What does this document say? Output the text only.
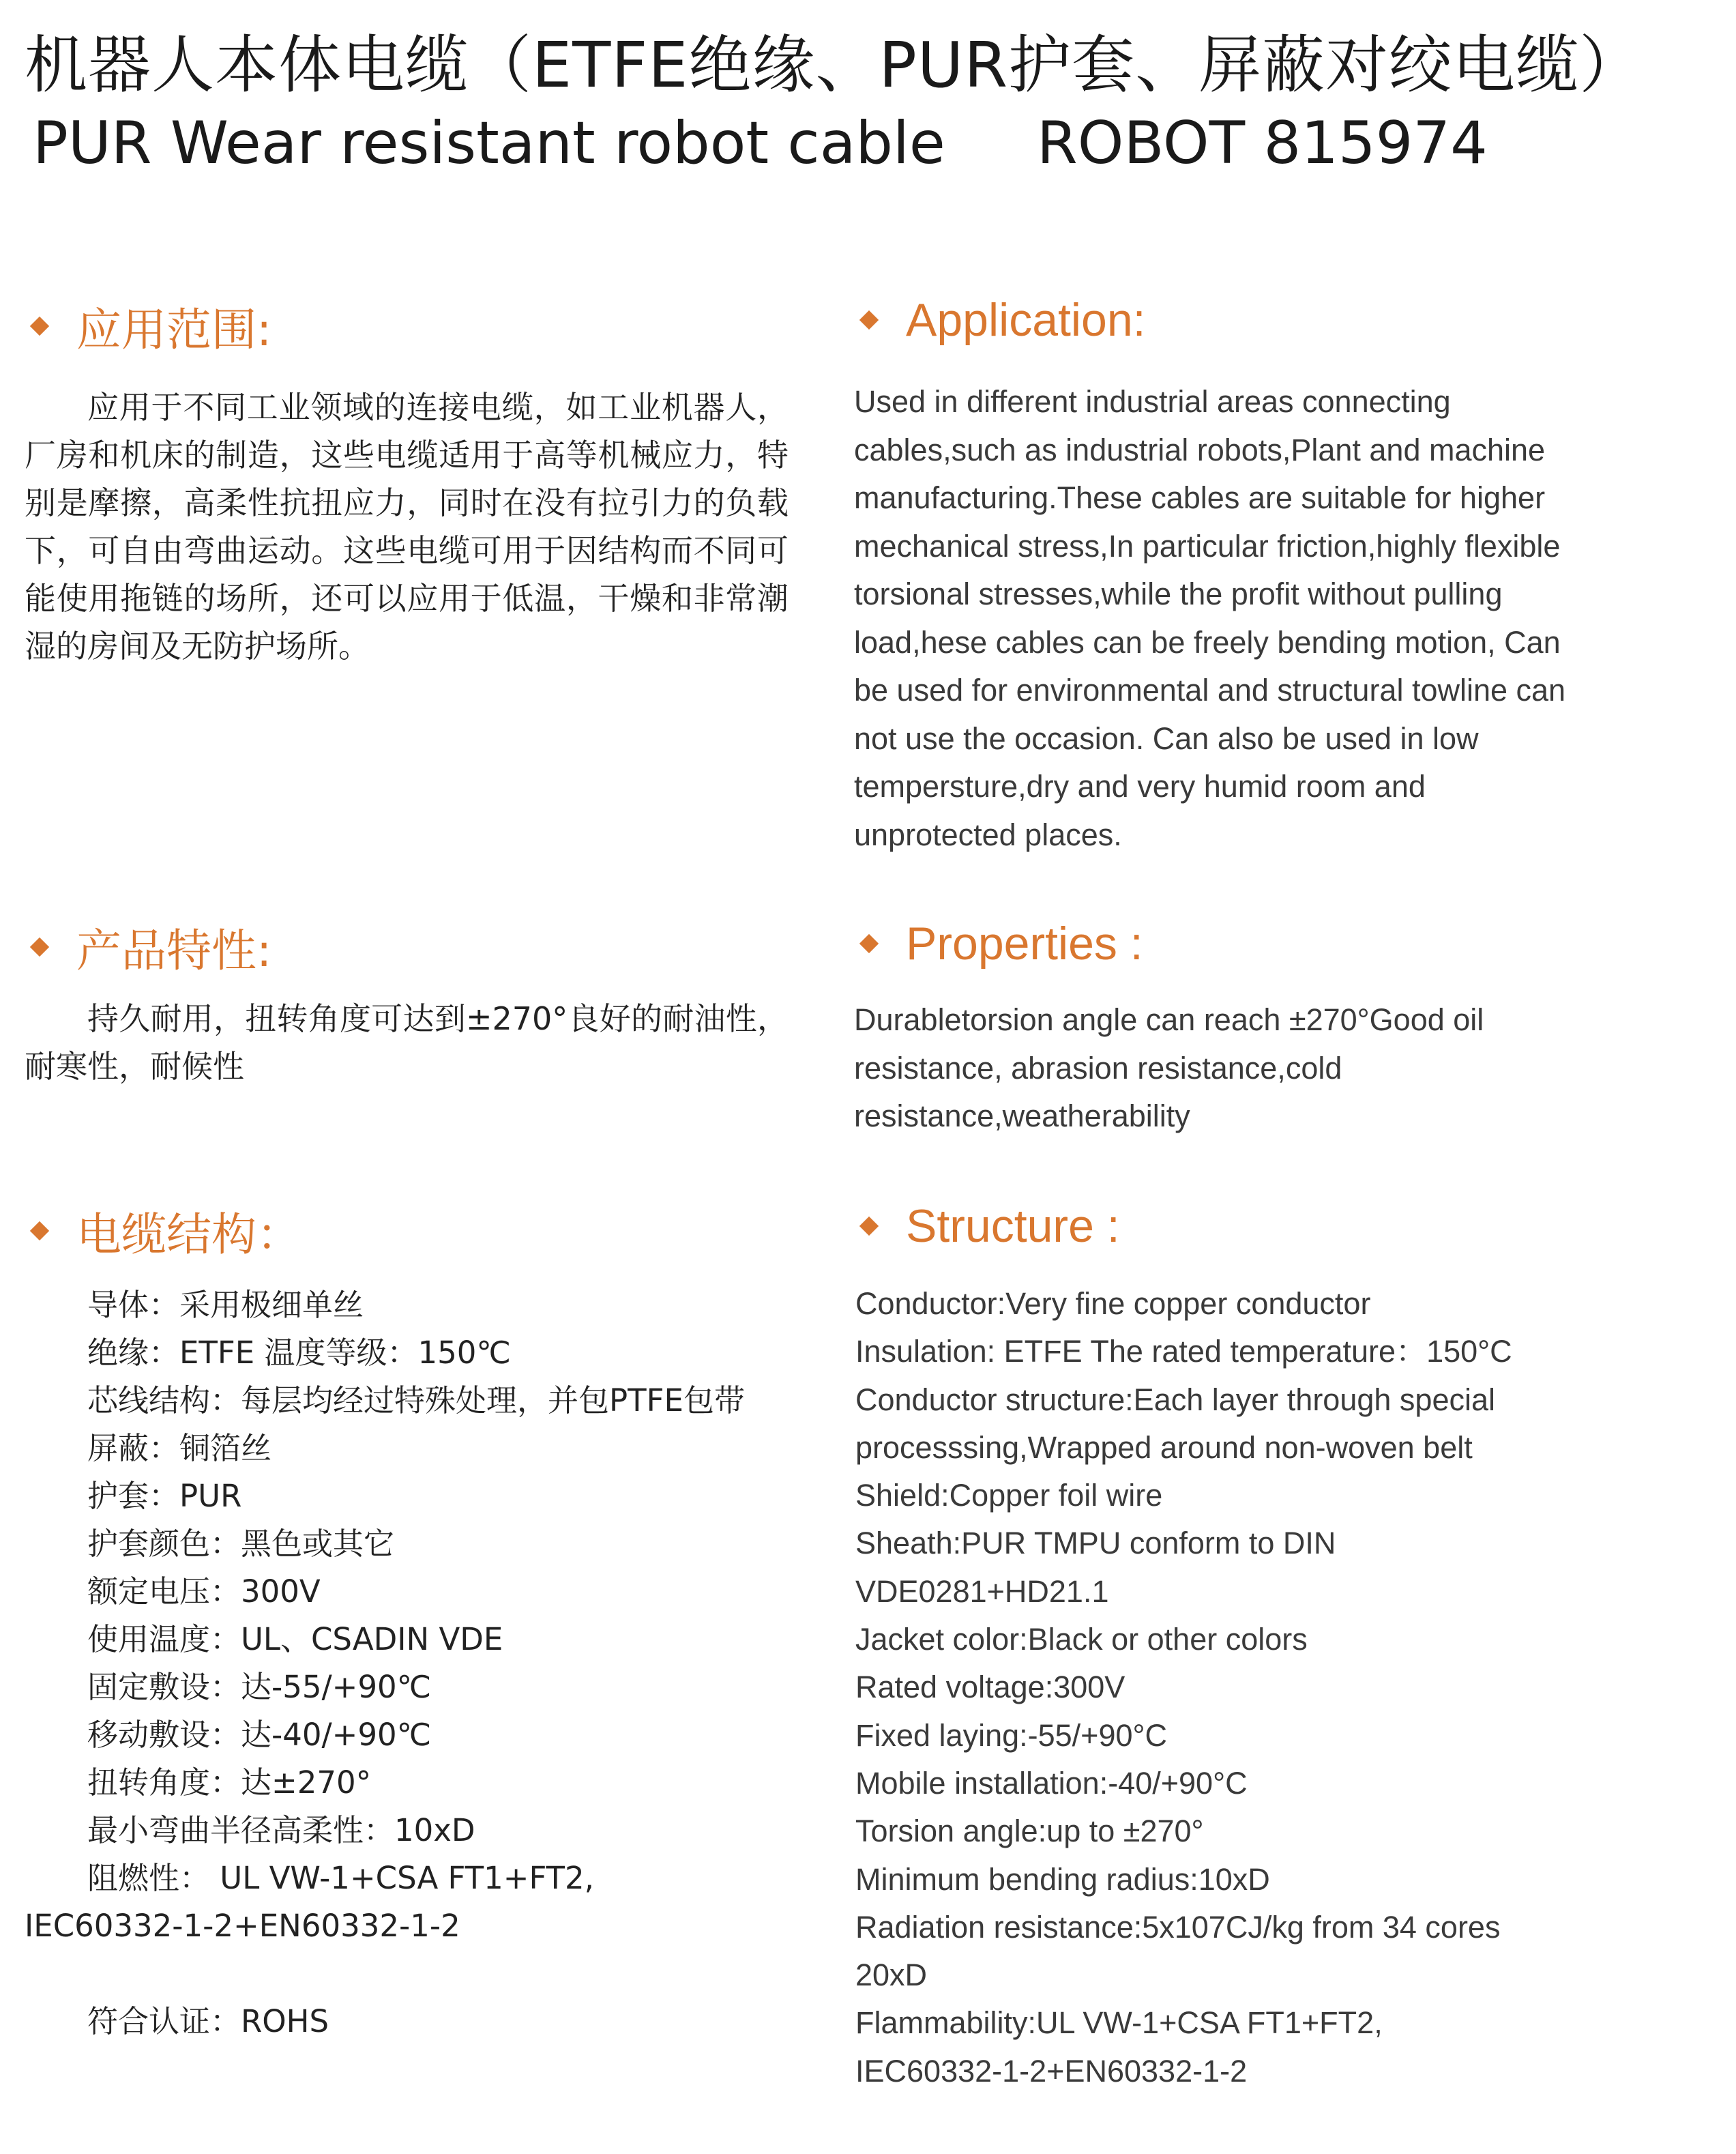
机器人本体电缆（ETFE绝缘、PUR护套、屏蔽对绞电缆）
PUR Wear resistant robot cable ROBOT 815974
应用范围:	Application:

应用于不同工业领域的连接电缆，如工业机器人，厂房和机床的制造，这些电缆适用于高等机械应力，特别是摩擦，高柔性抗扭应力，同时在没有拉引力的负载下，可自由弯曲运动。这些电缆可用于因结构而不同可能使用拖链的场所，还可以应用于低温，干燥和非常潮湿的房间及无防护场所。

Used in different industrial areas connecting
cables,such as industrial robots,Plant and machine
manufacturing.These cables are suitable for higher
mechanical stress,In particular friction,highly flexible
torsional stresses,while the profit without pulling
load,hese cables can be freely bending motion, Can
be used for environmental and structural towline can
not use the occasion. Can also be used in low
tempersture,dry and very humid room and
unprotected places.
产品特性:	Properties :

持久耐用，扭转角度可达到±270°良好的耐油性，耐寒性，耐候性

Durabletorsion angle can reach ±270°Good oil
resistance, abrasion resistance,cold
resistance,weatherability
电缆结构：	Structure :
导体：采用极细单丝
绝缘：ETFE 温度等级：150℃
芯线结构：每层均经过特殊处理，并包PTFE包带
屏蔽：铜箔丝
护套：PUR
护套颜色：黑色或其它
额定电压：300V
使用温度：UL、CSADIN VDE
固定敷设：达-55/+90℃
移动敷设：达-40/+90℃
扭转角度：达±270°
最小弯曲半径高柔性：10xD
阻燃性： UL VW-1+CSA FT1+FT2,
IEC60332-1-2+EN60332-1-2
符合认证：ROHS
Conductor:Very fine copper conductor
Insulation: ETFE The rated temperature：150°C
Conductor structure:Each layer through special
processsing,Wrapped around non-woven belt
Shield:Copper foil wire
Sheath:PUR TMPU conform to DIN
VDE0281+HD21.1
Jacket color:Black or other colors
Rated voltage:300V
Fixed laying:-55/+90°C
Mobile installation:-40/+90°C
Torsion angle:up to ±270°
Minimum bending radius:10xD
Radiation resistance:5x107CJ/kg from 34 cores
20xD
Flammability:UL VW-1+CSA FT1+FT2,
IEC60332-1-2+EN60332-1-2
